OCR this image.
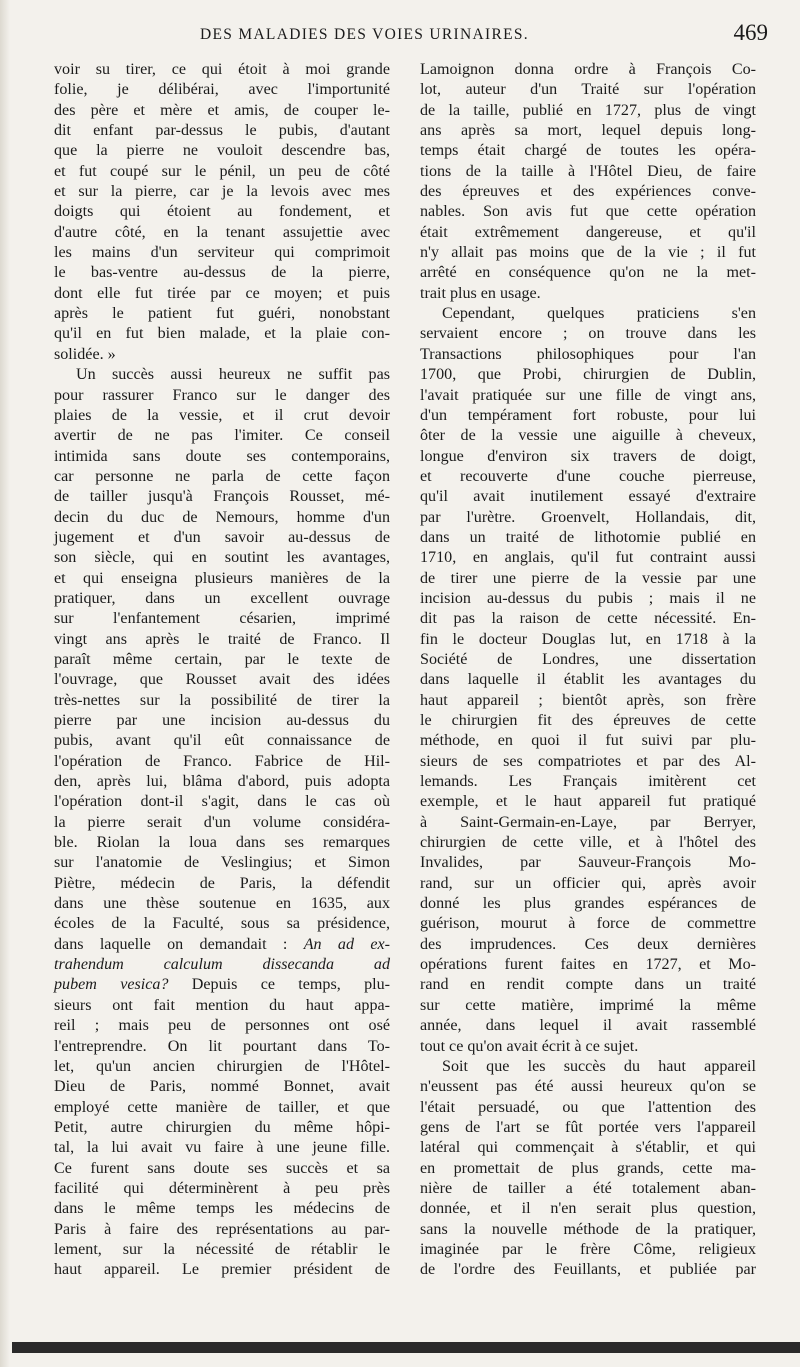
DES MALADIES DES VOIES URINAIRES.	469

voir su tirer, ce qui étoit à moi grande
folie, je délibérai, avec l'importunité
des père et mère et amis, de couper le-
dit enfant par-dessus le pubis, d'autant
que la pierre ne vouloit descendre bas,
et fut coupé sur le pénil, un peu de côté
et sur la pierre, car je la levois avec mes
doigts qui étoient au fondement, et
d'autre côté, en la tenant assujettie avec
les mains d'un serviteur qui comprimoit
le bas-ventre au-dessus de la pierre,
dont elle fut tirée par ce moyen; et puis
après le patient fut guéri, nonobstant
qu'il en fut bien malade, et la plaie con-
solidée. »

Un succès aussi heureux ne suffit pas
pour rassurer Franco sur le danger des
plaies de la vessie, et il crut devoir
avertir de ne pas l'imiter. Ce conseil
intimida sans doute ses contemporains,
car personne ne parla de cette façon
de tailler jusqu'à François Rousset, mé-
decin du duc de Nemours, homme d'un
jugement et d'un savoir au-dessus de
son siècle, qui en soutint les avantages,
et qui enseigna plusieurs manières de la
pratiquer, dans un excellent ouvrage
sur l'enfantement césarien, imprimé
vingt ans après le traité de Franco. Il
paraît même certain, par le texte de
l'ouvrage, que Rousset avait des idées
très-nettes sur la possibilité de tirer la
pierre par une incision au-dessus du
pubis, avant qu'il eût connaissance de
l'opération de Franco. Fabrice de Hil-
den, après lui, blâma d'abord, puis adopta
l'opération dont-il s'agit, dans le cas où
la pierre serait d'un volume considéra-
ble. Riolan la loua dans ses remarques
sur l'anatomie de Veslingius; et Simon
Piètre, médecin de Paris, la défendit
dans une thèse soutenue en 1635, aux
écoles de la Faculté, sous sa présidence,
dans laquelle on demandait : An ad ex-
trahendum calculum dissecanda ad
pubem vesica? Depuis ce temps, plu-
sieurs ont fait mention du haut appa-
reil ; mais peu de personnes ont osé
l'entreprendre. On lit pourtant dans To-
let, qu'un ancien chirurgien de l'Hôtel-
Dieu de Paris, nommé Bonnet, avait
employé cette manière de tailler, et que
Petit, autre chirurgien du même hôpi-
tal, la lui avait vu faire à une jeune fille.
Ce furent sans doute ses succès et sa
facilité qui déterminèrent à peu près
dans le même temps les médecins de
Paris à faire des représentations au par-
lement, sur la nécessité de rétablir le
haut appareil. Le premier président de

Lamoignon donna ordre à François Co-
lot, auteur d'un Traité sur l'opération
de la taille, publié en 1727, plus de vingt
ans après sa mort, lequel depuis long-
temps était chargé de toutes les opéra-
tions de la taille à l'Hôtel Dieu, de faire
des épreuves et des expériences conve-
nables. Son avis fut que cette opération
était extrêmement dangereuse, et qu'il
n'y allait pas moins que de la vie ; il fut
arrêté en conséquence qu'on ne la met-
trait plus en usage.

Cependant, quelques praticiens s'en
servaient encore ; on trouve dans les
Transactions philosophiques pour l'an
1700, que Probi, chirurgien de Dublin,
l'avait pratiquée sur une fille de vingt ans,
d'un tempérament fort robuste, pour lui
ôter de la vessie une aiguille à cheveux,
longue d'environ six travers de doigt,
et recouverte d'une couche pierreuse,
qu'il avait inutilement essayé d'extraire
par l'urètre. Groenvelt, Hollandais, dit,
dans un traité de lithotomie publié en
1710, en anglais, qu'il fut contraint aussi
de tirer une pierre de la vessie par une
incision au-dessus du pubis ; mais il ne
dit pas la raison de cette nécessité. En-
fin le docteur Douglas lut, en 1718 à la
Société de Londres, une dissertation
dans laquelle il établit les avantages du
haut appareil ; bientôt après, son frère
le chirurgien fit des épreuves de cette
méthode, en quoi il fut suivi par plu-
sieurs de ses compatriotes et par des Al-
lemands. Les Français imitèrent cet
exemple, et le haut appareil fut pratiqué
à Saint-Germain-en-Laye, par Berryer,
chirurgien de cette ville, et à l'hôtel des
Invalides, par Sauveur-François Mo-
rand, sur un officier qui, après avoir
donné les plus grandes espérances de
guérison, mourut à force de commettre
des imprudences. Ces deux dernières
opérations furent faites en 1727, et Mo-
rand en rendit compte dans un traité
sur cette matière, imprimé la même
année, dans lequel il avait rassemblé
tout ce qu'on avait écrit à ce sujet.

Soit que les succès du haut appareil
n'eussent pas été aussi heureux qu'on se
l'était persuadé, ou que l'attention des
gens de l'art se fût portée vers l'appareil
latéral qui commençait à s'établir, et qui
en promettait de plus grands, cette ma-
nière de tailler a été totalement aban-
donnée, et il n'en serait plus question,
sans la nouvelle méthode de la pratiquer,
imaginée par le frère Côme, religieux
de l'ordre des Feuillants, et publiée par
